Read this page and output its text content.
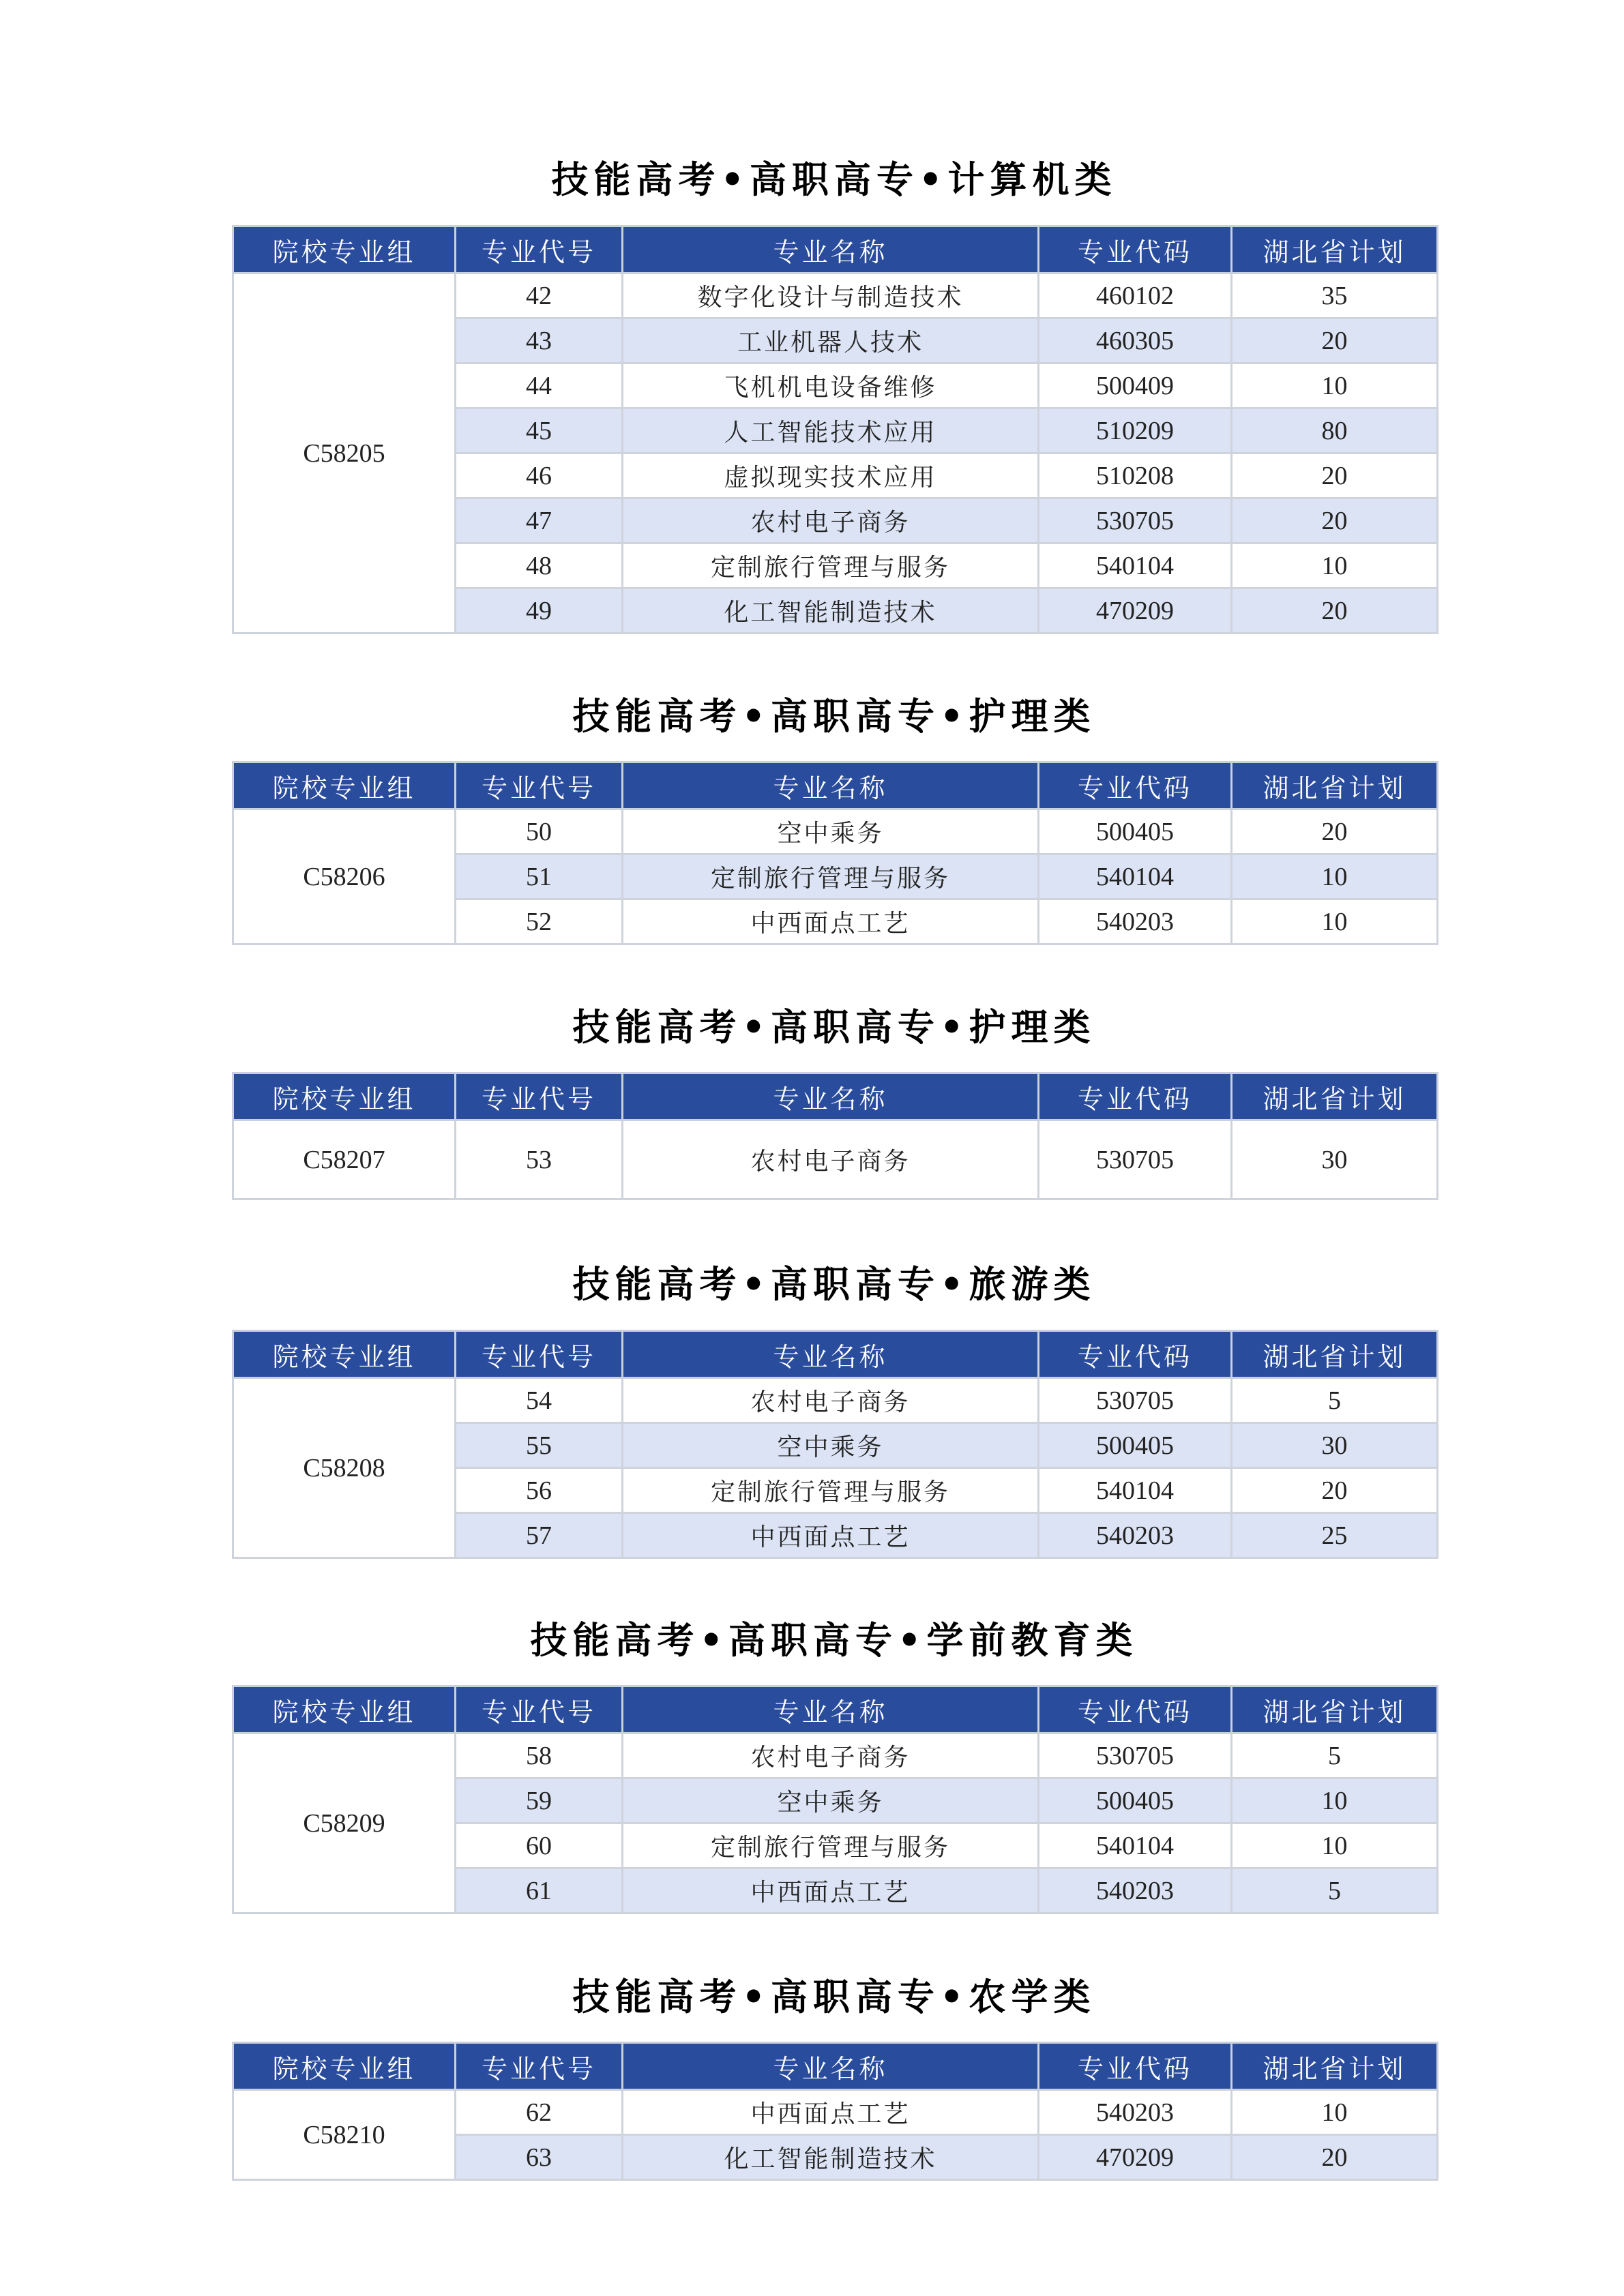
技能高考•高职高专•计算机类
院校专业组	专业代号	专业名称	专业代码	湖北省计划
C58205	42	数字化设计与制造技术	460102	35
	43	工业机器人技术	460305	20
	44	飞机机电设备维修	500409	10
	45	人工智能技术应用	510209	80
	46	虚拟现实技术应用	510208	20
	47	农村电子商务	530705	20
	48	定制旅行管理与服务	540104	10
	49	化工智能制造技术	470209	20
技能高考•高职高专•护理类
院校专业组	专业代号	专业名称	专业代码	湖北省计划
C58206	50	空中乘务	500405	20
	51	定制旅行管理与服务	540104	10
	52	中西面点工艺	540203	10
技能高考•高职高专•护理类
院校专业组	专业代号	专业名称	专业代码	湖北省计划
C58207	53	农村电子商务	530705	30
技能高考•高职高专•旅游类
院校专业组	专业代号	专业名称	专业代码	湖北省计划
C58208	54	农村电子商务	530705	5
	55	空中乘务	500405	30
	56	定制旅行管理与服务	540104	20
	57	中西面点工艺	540203	25
技能高考•高职高专•学前教育类
院校专业组	专业代号	专业名称	专业代码	湖北省计划
C58209	58	农村电子商务	530705	5
	59	空中乘务	500405	10
	60	定制旅行管理与服务	540104	10
	61	中西面点工艺	540203	5
技能高考•高职高专•农学类
院校专业组	专业代号	专业名称	专业代码	湖北省计划
C58210	62	中西面点工艺	540203	10
	63	化工智能制造技术	470209	20
